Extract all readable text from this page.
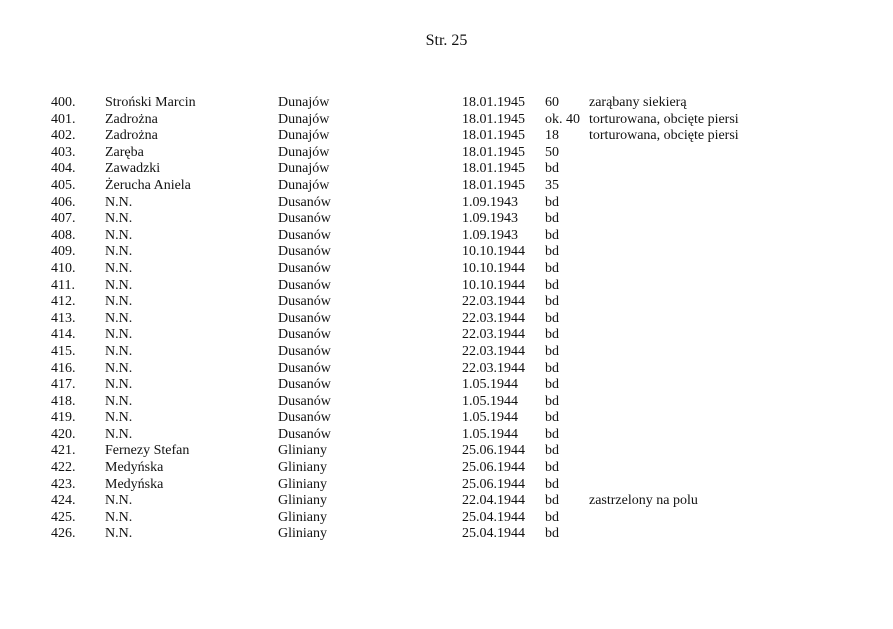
Str. 25
400. Stroński Marcin	Dunajów	18.01.1945 60 zarąbany siekierą
401. Zadrożna	Dunajów	18.01.1945 ok. 40 torturowana, obcięte piersi
402. Zadrożna	Dunajów	18.01.1945 18 torturowana, obcięte piersi
403. Zaręba	Dunajów	18.01.1945 50
404. Zawadzki	Dunajów	18.01.1945 bd
405. Żerucha Aniela	Dunajów	18.01.1945 35
406. N.N.	Dusanów	1.09.1943 bd
407. N.N.	Dusanów	1.09.1943 bd
408. N.N.	Dusanów	1.09.1943 bd
409. N.N.	Dusanów	10.10.1944 bd
410. N.N.	Dusanów	10.10.1944 bd
411. N.N.	Dusanów	10.10.1944 bd
412. N.N.	Dusanów	22.03.1944 bd
413. N.N.	Dusanów	22.03.1944 bd
414. N.N.	Dusanów	22.03.1944 bd
415. N.N.	Dusanów	22.03.1944 bd
416. N.N.	Dusanów	22.03.1944 bd
417. N.N.	Dusanów	1.05.1944 bd
418. N.N.	Dusanów	1.05.1944 bd
419. N.N.	Dusanów	1.05.1944 bd
420. N.N.	Dusanów	1.05.1944 bd
421. Fernezy Stefan	Gliniany	25.06.1944 bd
422. Medyńska	Gliniany	25.06.1944 bd
423. Medyńska	Gliniany	25.06.1944 bd
424. N.N.	Gliniany	22.04.1944 bd zastrzelony na polu
425. N.N.	Gliniany	25.04.1944 bd
426. N.N.	Gliniany	25.04.1944 bd
